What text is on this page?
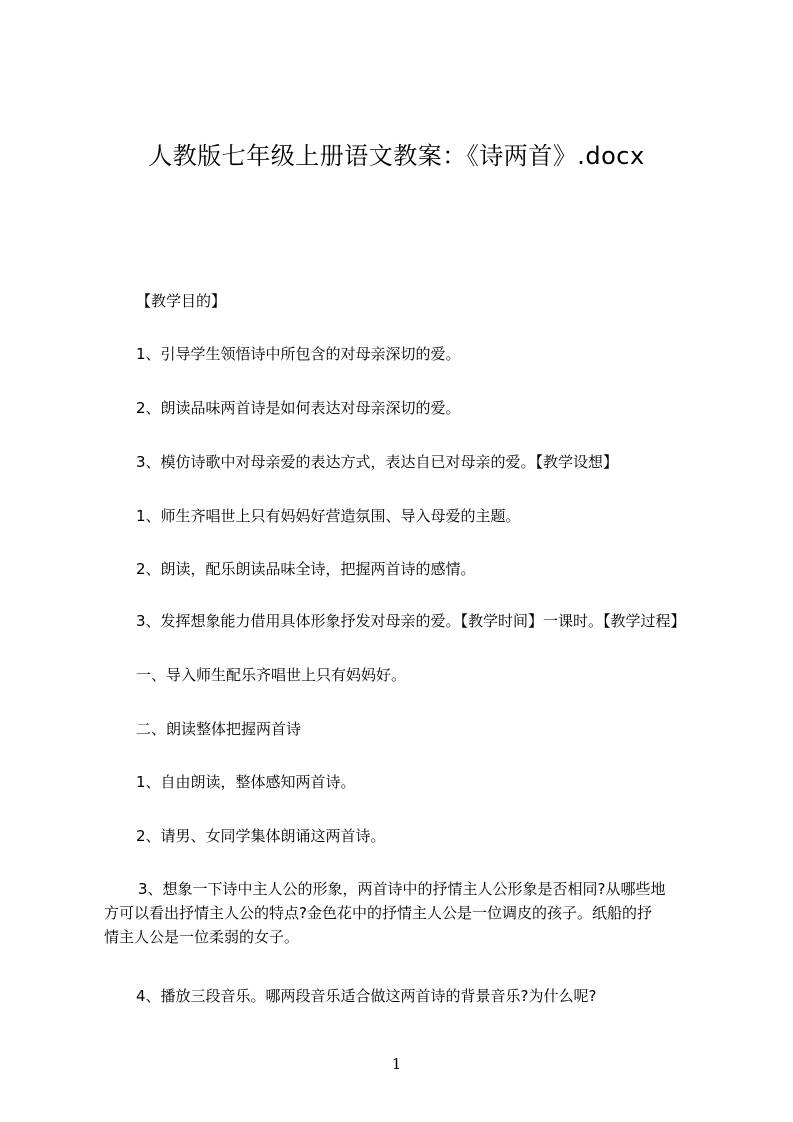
人教版七年级上册语文教案：《诗两首》.docx
【教学目的】
1、引导学生领悟诗中所包含的对母亲深切的爱。
2、朗读品味两首诗是如何表达对母亲深切的爱。
3、模仿诗歌中对母亲爱的表达方式，表达自已对母亲的爱。【教学设想】
1、师生齐唱世上只有妈妈好营造氛围、导入母爱的主题。
2、朗读，配乐朗读品味全诗，把握两首诗的感情。
3、发挥想象能力借用具体形象抒发对母亲的爱。【教学时间】一课时。【教学过程】
一、导入师生配乐齐唱世上只有妈妈好。
二、朗读整体把握两首诗
1、自由朗读，整体感知两首诗。
2、请男、女同学集体朗诵这两首诗。
3、想象一下诗中主人公的形象，两首诗中的抒情主人公形象是否相同?从哪些地
方可以看出抒情主人公的特点?金色花中的抒情主人公是一位调皮的孩子。纸船的抒
情主人公是一位柔弱的女子。
4、播放三段音乐。哪两段音乐适合做这两首诗的背景音乐?为什么呢?
1
